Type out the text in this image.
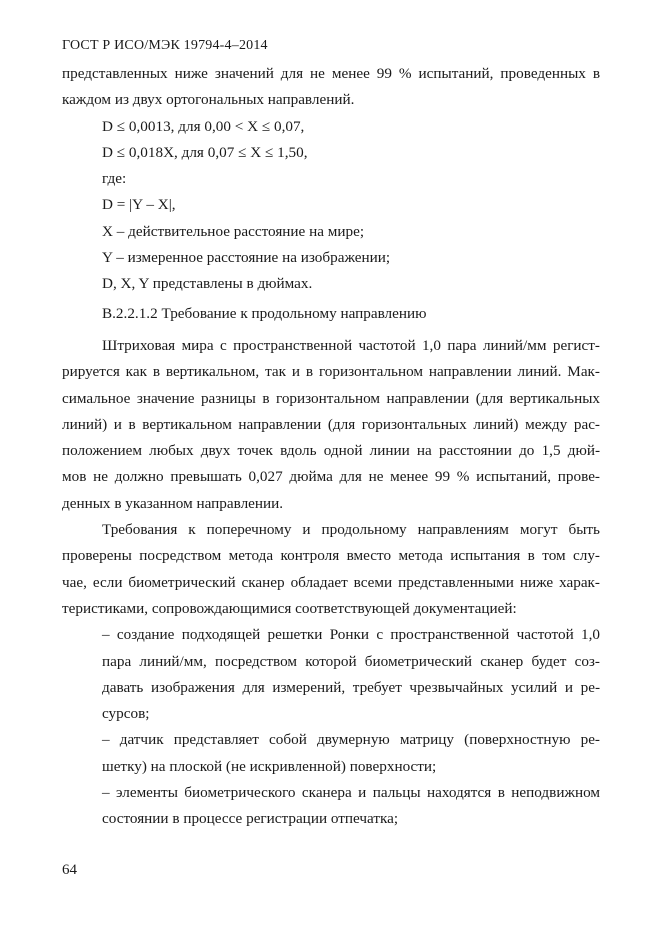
ГОСТ Р ИСО/МЭК 19794-4–2014
представленных ниже значений для не менее 99 % испытаний, проведенных в
каждом из двух ортогональных направлений.
D ≤ 0,0013, для 0,00 < X ≤ 0,07,
D ≤ 0,018X, для 0,07 ≤ X ≤ 1,50,
где:
D = |Y – X|,
X – действительное расстояние на мире;
Y – измеренное расстояние на изображении;
D, X, Y представлены в дюймах.
В.2.2.1.2 Требование к продольному направлению
Штриховая мира с пространственной частотой 1,0 пара линий/мм регист-
рируется как в вертикальном, так и в горизонтальном направлении линий. Мак-
симальное значение разницы в горизонтальном направлении (для вертикальных
линий) и в вертикальном направлении (для горизонтальных линий) между рас-
положением любых двух точек вдоль одной линии на расстоянии до 1,5 дюй-
мов не должно превышать 0,027 дюйма для не менее 99 % испытаний, прове-
денных в указанном направлении.
Требования к поперечному и продольному направлениям могут быть
проверены посредством метода контроля вместо метода испытания в том слу-
чае, если биометрический сканер обладает всеми представленными ниже харак-
теристиками, сопровождающимися соответствующей документацией:
– создание подходящей решетки Ронки с пространственной частотой 1,0
пара линий/мм, посредством которой биометрический сканер будет соз-
давать изображения для измерений, требует чрезвычайных усилий и ре-
сурсов;
– датчик представляет собой двумерную матрицу (поверхностную ре-
шетку) на плоской (не искривленной) поверхности;
– элементы биометрического сканера и пальцы находятся в неподвижном
состоянии в процессе регистрации отпечатка;
64
